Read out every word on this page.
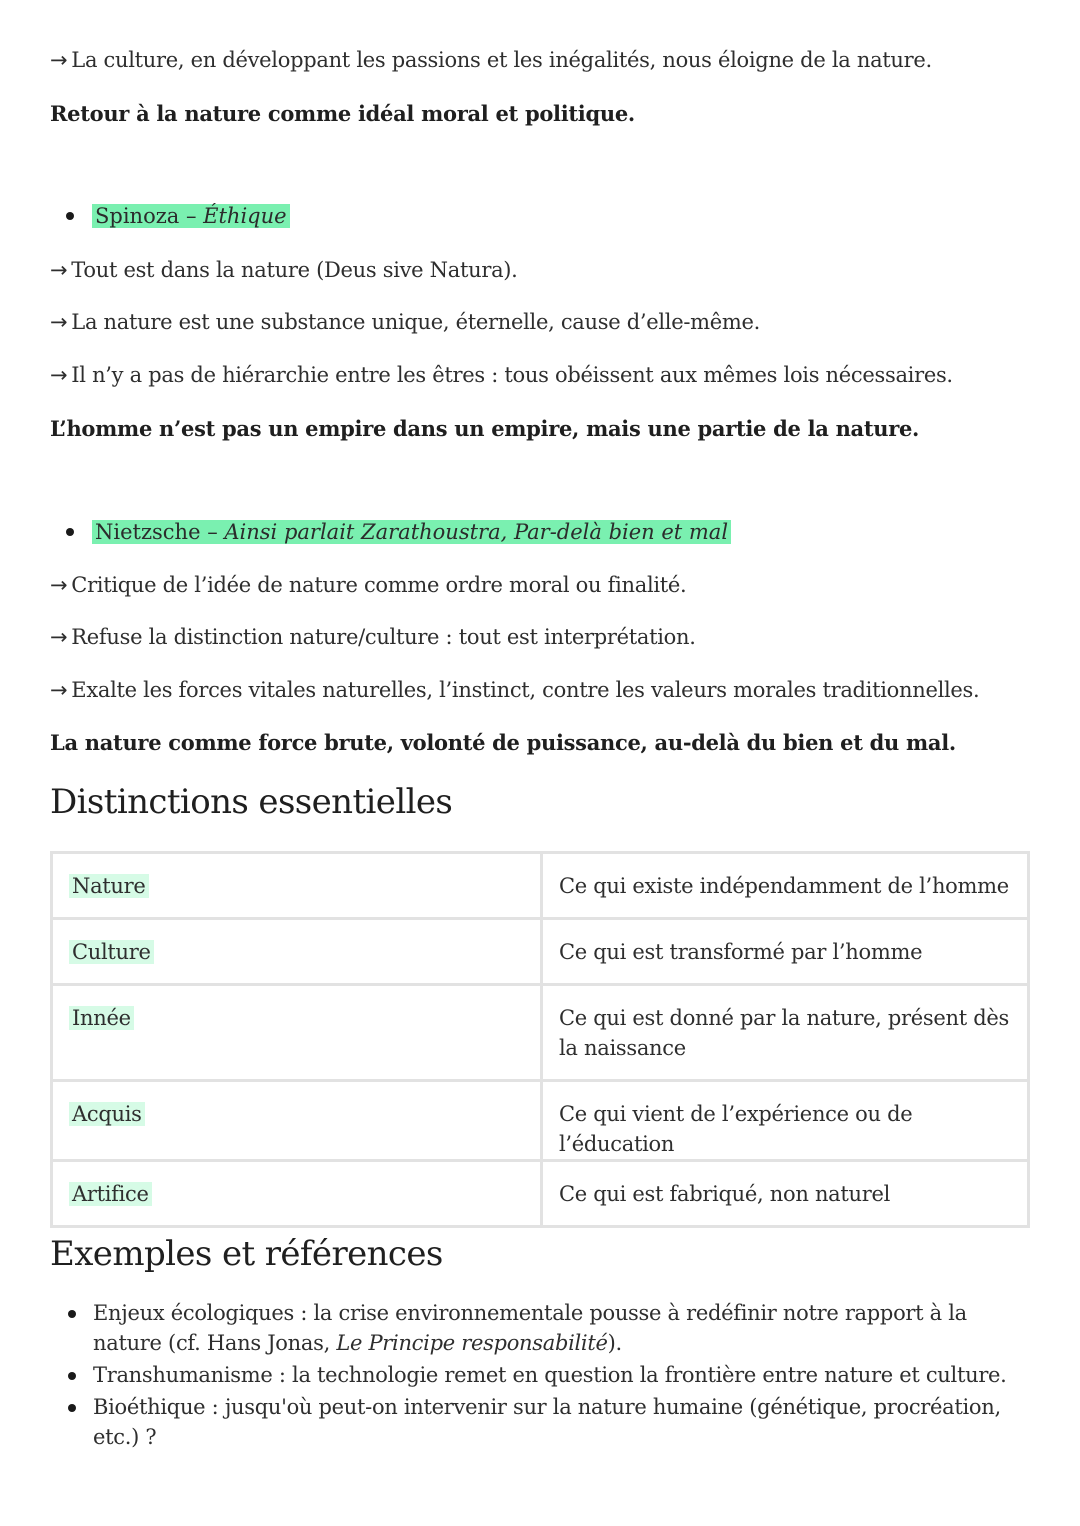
→ La culture, en développant les passions et les inégalités, nous éloigne de la nature.
Retour à la nature comme idéal moral et politique.
Spinoza – Éthique
→ Tout est dans la nature (Deus sive Natura).
→ La nature est une substance unique, éternelle, cause d’elle-même.
→ Il n’y a pas de hiérarchie entre les êtres : tous obéissent aux mêmes lois nécessaires.
L’homme n’est pas un empire dans un empire, mais une partie de la nature.
Nietzsche – Ainsi parlait Zarathoustra, Par-delà bien et mal
→ Critique de l’idée de nature comme ordre moral ou finalité.
→ Refuse la distinction nature/culture : tout est interprétation.
→ Exalte les forces vitales naturelles, l’instinct, contre les valeurs morales traditionnelles.
La nature comme force brute, volonté de puissance, au-delà du bien et du mal.
Distinctions essentielles
Nature	Ce qui existe indépendamment de l’homme

Culture	Ce qui est transformé par l’homme

Innée	Ce qui est donné par la nature, présent dès la naissance

Acquis	Ce qui vient de l’expérience ou de l’éducation

Artifice	Ce qui est fabriqué, non naturel
Exemples et références
Enjeux écologiques : la crise environnementale pousse à redéfinir notre rapport à la nature (cf. Hans Jonas, Le Principe responsabilité).
Transhumanisme : la technologie remet en question la frontière entre nature et culture.
Bioéthique : jusqu'où peut-on intervenir sur la nature humaine (génétique, procréation, etc.) ?
